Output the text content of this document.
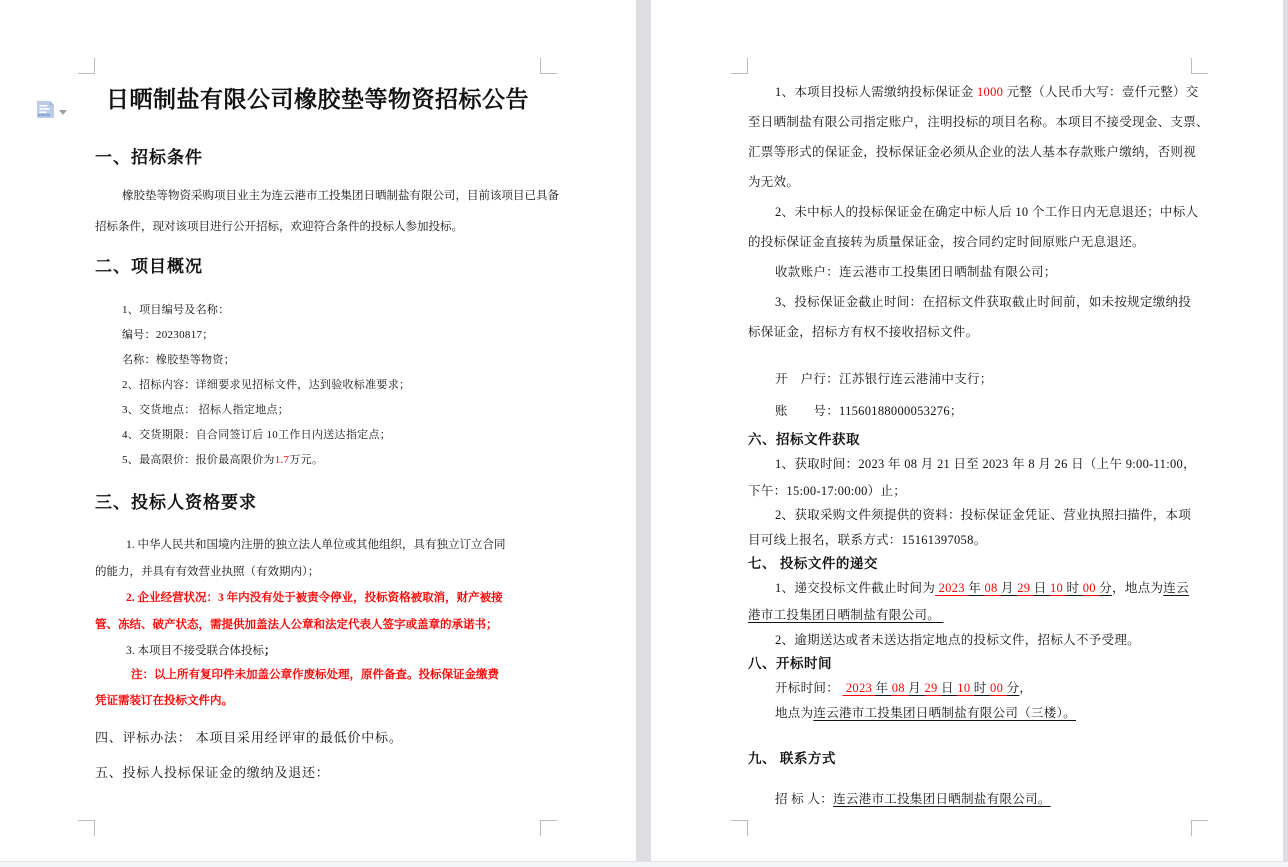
日晒制盐有限公司橡胶垫等物资招标公告
一、招标条件
橡胶垫等物资采购项目业主为连云港市工投集团日晒制盐有限公司，目前该项目已具备
招标条件，现对该项目进行公开招标，欢迎符合条件的投标人参加投标。
二、项目概况
1、项目编号及名称：
编号：20230817；
名称：橡胶垫等物资；
2、招标内容：详细要求见招标文件，达到验收标准要求；
3、交货地点： 招标人指定地点；
4、交货期限：自合同签订后 10工作日内送达指定点；
5、最高限价：报价最高限价为1.7万元。
三、投标人资格要求
1. 中华人民共和国境内注册的独立法人单位或其他组织，具有独立订立合同
的能力，并具有有效营业执照（有效期内）；
2. 企业经营状况：3 年内没有处于被责令停业，投标资格被取消，财产被接
管、冻结、破产状态，需提供加盖法人公章和法定代表人签字或盖章的承诺书；
3. 本项目不接受联合体投标；
注：以上所有复印件未加盖公章作废标处理，原件备查。投标保证金缴费
凭证需装订在投标文件内。
四、评标办法： 本项目采用经评审的最低价中标。
五、投标人投标保证金的缴纳及退还：
1、本项目投标人需缴纳投标保证金 1000 元整（人民币大写：壹仟元整）交
至日晒制盐有限公司指定账户，注明投标的项目名称。本项目不接受现金、支票、
汇票等形式的保证金，投标保证金必须从企业的法人基本存款账户缴纳，否则视
为无效。
2、未中标人的投标保证金在确定中标人后 10 个工作日内无息退还；中标人
的投标保证金直接转为质量保证金，按合同约定时间原账户无息退还。
收款账户：连云港市工投集团日晒制盐有限公司；
3、投标保证金截止时间：在招标文件获取截止时间前，如未按规定缴纳投
标保证金，招标方有权不接收招标文件。
开　户行：江苏银行连云港浦中支行；
账　　号：11560188000053276；
六、招标文件获取
1、获取时间：2023 年 08 月 21 日至 2023 年 8 月 26 日（上午 9:00-11:00，
下午：15:00-17:00:00）止；
2、获取采购文件须提供的资料：投标保证金凭证、营业执照扫描件，本项
目可线上报名，联系方式：15161397058。
七、 投标文件的递交
1、递交投标文件截止时间为 2023 年 08 月 29 日 10 时 00 分，地点为连云
港市工投集团日晒制盐有限公司。
2、逾期送达或者未送达指定地点的投标文件，招标人不予受理。
八、开标时间
开标时间：  2023 年 08 月 29 日 10 时 00 分，
地点为连云港市工投集团日晒制盐有限公司（三楼）。
九、 联系方式
招 标 人：连云港市工投集团日晒制盐有限公司。
